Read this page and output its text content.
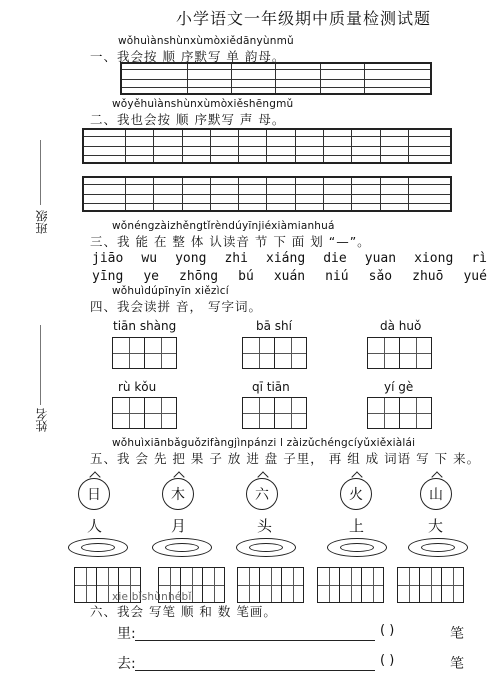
小学语文一年级期中质量检测试题
班级
姓名
wǒhuìànshùnxùmòxiědānyùnmǔ
一、我会按 顺 序默写 单 韵母。

wǒyěhuìànshùnxùmòxiěshēngmǔ
二、我也会按 顺 序默写 声 母。

wǒnéngzàizhěngtǐrèndúyīnjiéxiàmianhuá
三、我 能 在 整 体 认读音 节 下 面 划 “—”。
jiāo wu yong zhi xiáng die yuan xiong rì
yīng ye zhōng bú xuán niú sǎo zhuō yué
wǒhuìdúpīnyīn xiězìcí
四、我会读拼 音， 写字词。
tiān shàng	bā shí	dà huǒ
rù kǒu	qī tiān	yí gè
wǒhuìxiānbǎguǒzifàngjìnpánzi l zàizǔchéngcíyǔxiěxiàlái
五、我 会 先 把 果 子 放 进 盘 子里， 再 组 成 词语 写 下 来。
日	木	六	火	山
人	月	头	上	大
xie bǐshùnhébǐ
六、我会 写笔 顺 和 数 笔画。
里:	( )	笔
去:	( )	笔
